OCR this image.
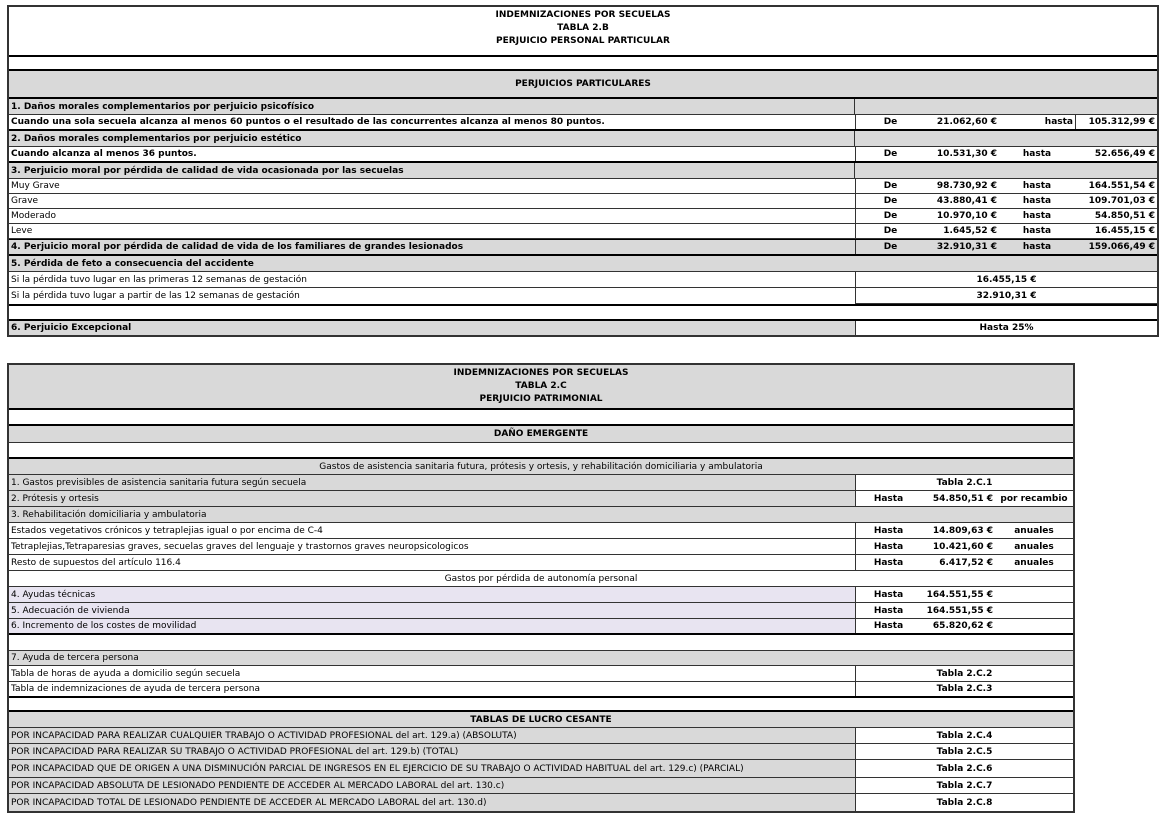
INDEMNIZACIONES POR SECUELAS
TABLA 2.B
PERJUICIO PERSONAL PARTICULAR
PERJUICIOS PARTICULARES
1. Daños morales complementarios por perjuicio psicofísico
Cuando una sola secuela alcanza al menos 60 puntos o el resultado de las concurrentes alcanza al menos 80 puntos.	De	21.062,60 €	hasta	105.312,99 €
2. Daños morales complementarios por perjuicio estético
Cuando alcanza al menos 36 puntos.	De	10.531,30 €	hasta	52.656,49 €
3. Perjuicio moral por pérdida de calidad de vida ocasionada por las secuelas
Muy Grave	De	98.730,92 €	hasta	164.551,54 €
Grave	De	43.880,41 €	hasta	109.701,03 €
Moderado	De	10.970,10 €	hasta	54.850,51 €
Leve	De	1.645,52 €	hasta	16.455,15 €
4. Perjuicio moral por pérdida de calidad de vida de los familiares de grandes lesionados	De	32.910,31 €	hasta	159.066,49 €
5. Pérdida de feto a consecuencia del accidente
Si la pérdida tuvo lugar en las primeras 12 semanas de gestación	16.455,15 €
Si la pérdida tuvo lugar a partir de las 12 semanas de gestación	32.910,31 €
6. Perjuicio Excepcional	Hasta 25%
INDEMNIZACIONES POR SECUELAS
TABLA 2.C
PERJUICIO PATRIMONIAL
DAÑO EMERGENTE
Gastos de asistencia sanitaria futura, prótesis y ortesis, y rehabilitación domiciliaria y ambulatoria
1. Gastos previsibles de asistencia sanitaria futura según secuela	Tabla 2.C.1
2. Prótesis y ortesis	Hasta	54.850,51 € por recambio
3. Rehabilitación domiciliaria y ambulatoria
Estados vegetativos crónicos y tetraplejias igual o por encima de C-4	Hasta	14.809,63 €	anuales
Tetraplejias,Tetraparesias graves, secuelas graves del lenguaje y trastornos graves neuropsicologicos	Hasta	10.421,60 €	anuales
Resto de supuestos del artículo 116.4	Hasta	6.417,52 €	anuales
Gastos por pérdida de autonomía personal
4. Ayudas técnicas	Hasta	164.551,55 €
5. Adecuación de vivienda	Hasta	164.551,55 €
6. Incremento de los costes de movilidad	Hasta	65.820,62 €
7. Ayuda de tercera persona
Tabla de horas de ayuda a domicilio según secuela	Tabla 2.C.2
Tabla de indemnizaciones de ayuda de tercera persona	Tabla 2.C.3
TABLAS DE LUCRO CESANTE
POR INCAPACIDAD PARA REALIZAR CUALQUIER TRABAJO O ACTIVIDAD PROFESIONAL del art. 129.a) (ABSOLUTA)	Tabla 2.C.4
POR INCAPACIDAD PARA REALIZAR SU TRABAJO O ACTIVIDAD PROFESIONAL del art. 129.b) (TOTAL)	Tabla 2.C.5
POR INCAPACIDAD QUE DE ORIGEN A UNA DISMINUCIÓN PARCIAL DE INGRESOS EN EL EJERCICIO DE SU TRABAJO O ACTIVIDAD HABITUAL del art. 129.c) (PARCIAL)	Tabla 2.C.6
POR INCAPACIDAD ABSOLUTA DE LESIONADO PENDIENTE DE ACCEDER AL MERCADO LABORAL del art. 130.c)	Tabla 2.C.7
POR INCAPACIDAD TOTAL DE LESIONADO PENDIENTE DE ACCEDER AL MERCADO LABORAL del art. 130.d)	Tabla 2.C.8
